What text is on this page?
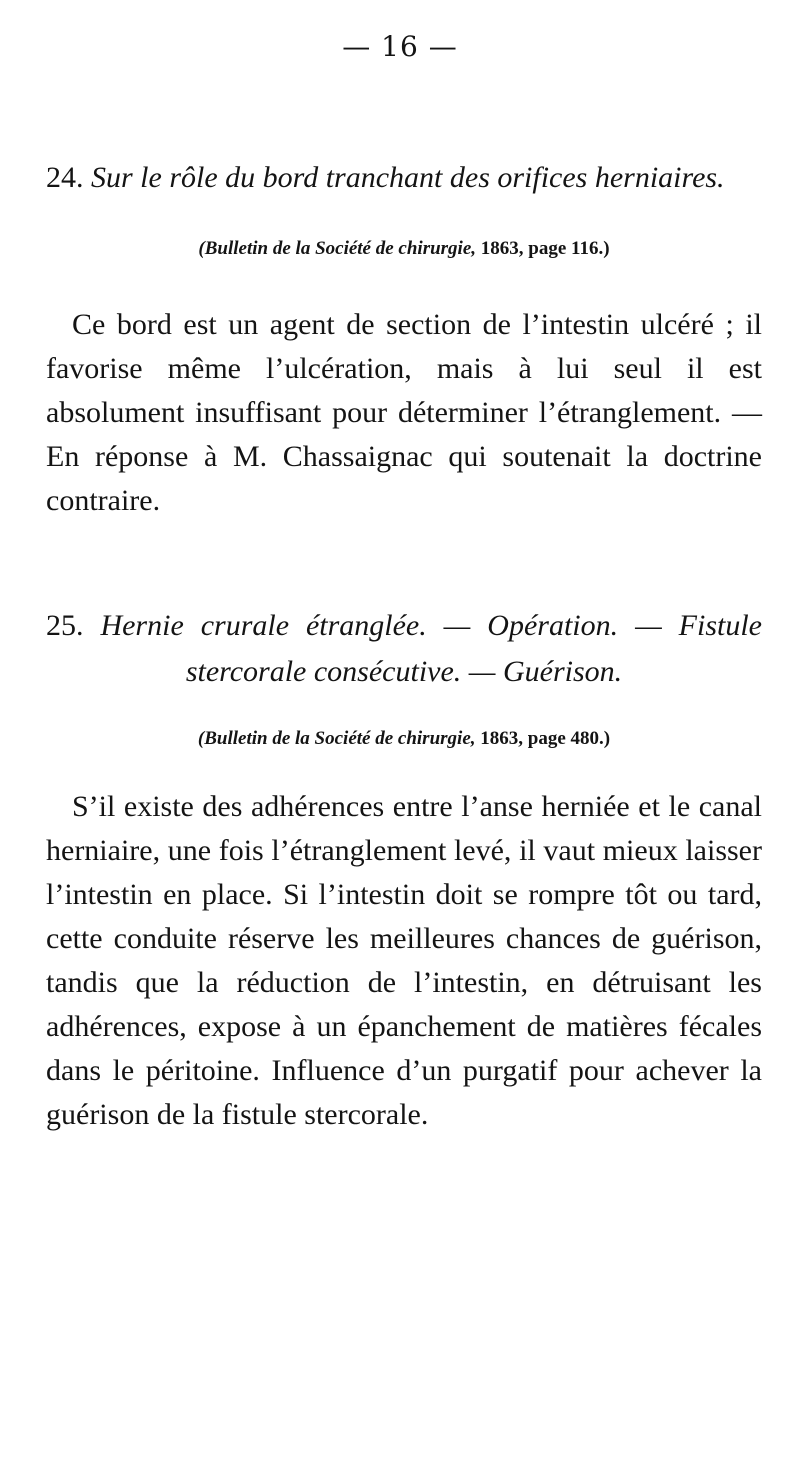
— 16 —
24. Sur le rôle du bord tranchant des orifices herniaires.
(Bulletin de la Société de chirurgie, 1863, page 116.)
Ce bord est un agent de section de l’intestin ulcéré ; il favorise même l’ulcération, mais à lui seul il est absolument insuffisant pour déterminer l’étranglement. — En réponse à M. Chassaignac qui soutenait la doctrine contraire.
25. Hernie crurale étranglée. — Opération. — Fistule stercorale consécutive. — Guérison.
(Bulletin de la Société de chirurgie, 1863, page 480.)
S’il existe des adhérences entre l’anse herniée et le canal herniaire, une fois l’étranglement levé, il vaut mieux laisser l’intestin en place. Si l’intestin doit se rompre tôt ou tard, cette conduite réserve les meilleures chances de guérison, tandis que la réduction de l’intestin, en détruisant les adhérences, expose à un épanchement de matières fécales dans le péritoine. Influence d’un purgatif pour achever la guérison de la fistule stercorale.
